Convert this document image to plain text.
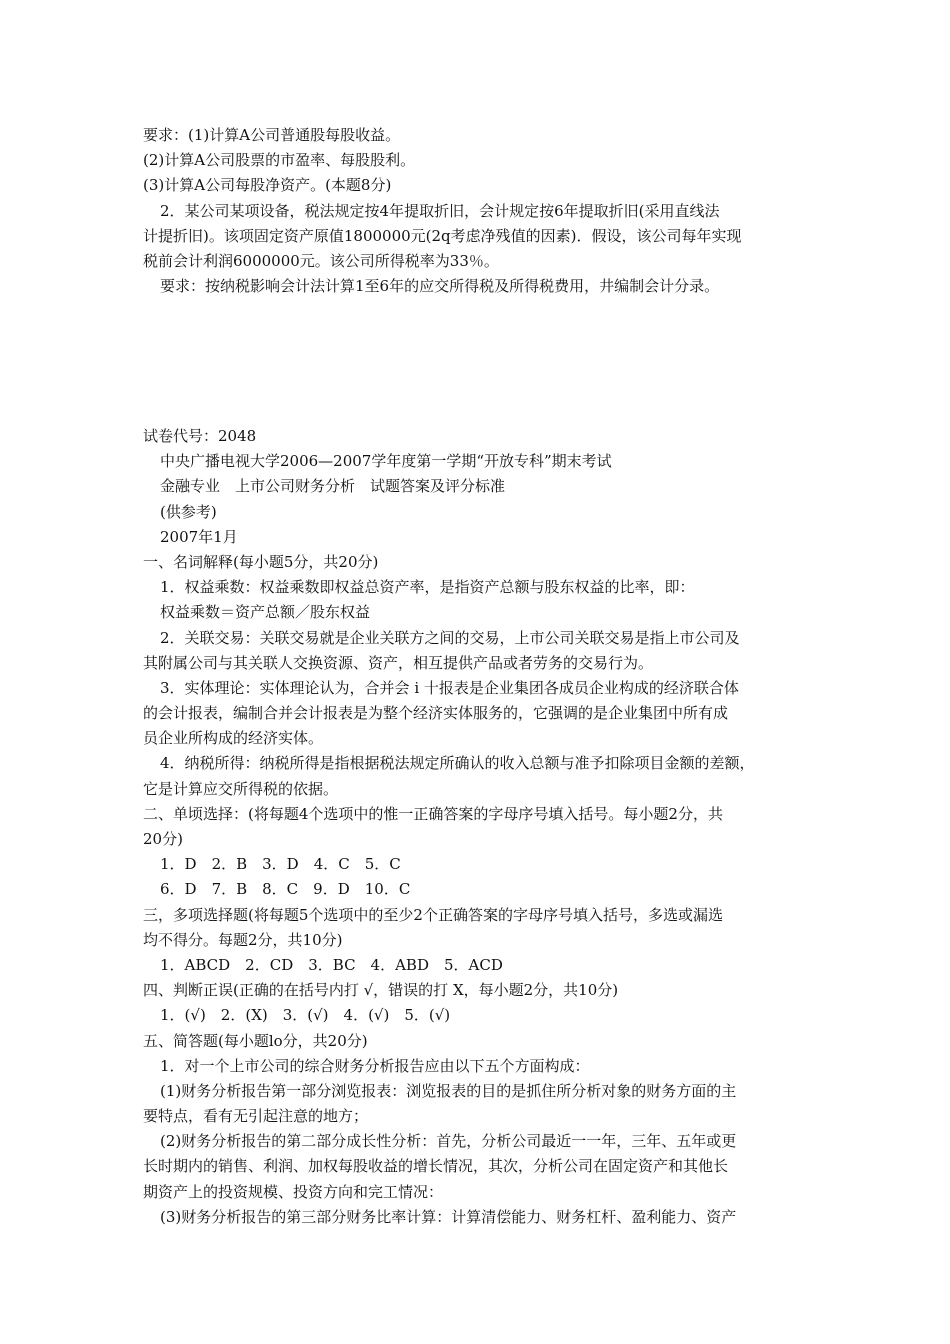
要求：(1)计算A公司普通股每股收益。
(2)计算A公司股票的市盈率、每股股利。
(3)计算A公司每股净资产。(本题8分)
2．某公司某项设备，税法规定按4年提取折旧，会计规定按6年提取折旧(采用直线法
计提折旧)。该项固定资产原值1800000元(2q考虑净残值的因素)．假设，该公司每年实现
税前会计利润6000000元。该公司所得税率为33％。
要求：按纳税影响会计法计算1至6年的应交所得税及所得税费用，井编制会计分录。
试卷代号：2048
中央广播电视大学2006—2007学年度第一学期“开放专科”期末考试
金融专业　上市公司财务分析　试题答案及评分标准
(供参考)
2007年1月
一、名词解释(每小题5分，共20分)
1．权益乘数：权益乘数即权益总资产率，是指资产总额与股东权益的比率，即：
权益乘数＝资产总额／股东权益
2．关联交易：关联交易就是企业关联方之间的交易，上市公司关联交易是指上市公司及
其附属公司与其关联人交换资源、资产，相互提供产品或者劳务的交易行为。
3．实体理论：实体理论认为，合并会 i 十报表是企业集团各成员企业构成的经济联合体
的会计报表，编制合并会计报表是为整个经济实体服务的，它强调的是企业集团中所有成
员企业所构成的经济实体。
4．纳税所得：纳税所得是指根据税法规定所确认的收入总额与准予扣除项目金额的差额，
它是计算应交所得税的依据。
二、单顷选择：(将每题4个选项中的惟一正确答案的字母序号填入括号。每小题2分，共
20分)
1．D　2．B　3．D　4．C　5．C
6．D　7．B　8．C　9．D　10．C
三，多项选择题(将每题5个选项中的至少2个正确答案的字母序号填入括号，多选或漏选
均不得分。每题2分，共10分)
1．ABCD　2．CD　3．BC　4．ABD　5．ACD
四、判断正误(正确的在括号内打 √，错误的打 X，每小题2分，共10分)
1．(√)　2．(X)　3．(√)　4．(√)　5．(√)
五、简答题(每小题lo分，共20分)
1．对一个上市公司的综合财务分析报告应由以下五个方面构成：
(1)财务分析报告第一部分浏览报表：浏览报表的目的是抓住所分析对象的财务方面的主
要特点，看有无引起注意的地方；
(2)财务分析报告的第二部分成长性分析：首先，分析公司最近一一年，三年、五年或更
长时期内的销售、利润、加权每股收益的增长情况，其次，分析公司在固定资产和其他长
期资产上的投资规模、投资方向和完工情况：
(3)财务分析报告的第三部分财务比率计算：计算清偿能力、财务杠杆、盈利能力、资产
